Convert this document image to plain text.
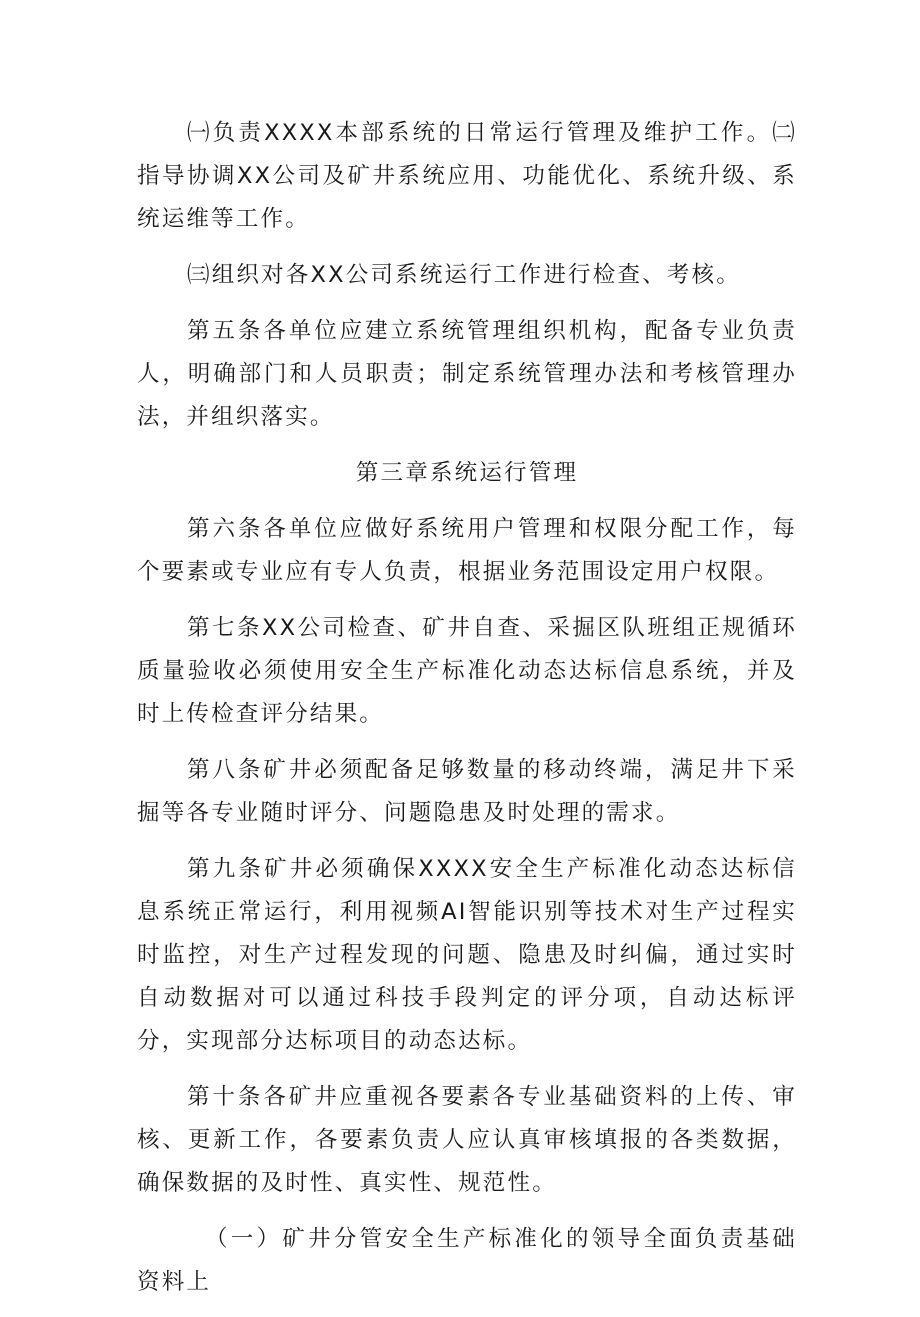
㈠负责XXXX本部系统的日常运行管理及维护工作。㈡指导协调XX公司及矿井系统应用、功能优化、系统升级、系统运维等工作。

㈢组织对各XX公司系统运行工作进行检查、考核。

第五条各单位应建立系统管理组织机构，配备专业负责人，明确部门和人员职责；制定系统管理办法和考核管理办法，并组织落实。

第三章系统运行管理

第六条各单位应做好系统用户管理和权限分配工作，每个要素或专业应有专人负责，根据业务范围设定用户权限。

第七条XX公司检查、矿井自查、采掘区队班组正规循环质量验收必须使用安全生产标准化动态达标信息系统，并及时上传检查评分结果。

第八条矿井必须配备足够数量的移动终端，满足井下采掘等各专业随时评分、问题隐患及时处理的需求。

第九条矿井必须确保XXXX安全生产标准化动态达标信息系统正常运行，利用视频AI智能识别等技术对生产过程实时监控，对生产过程发现的问题、隐患及时纠偏，通过实时自动数据对可以通过科技手段判定的评分项，自动达标评分，实现部分达标项目的动态达标。

第十条各矿井应重视各要素各专业基础资料的上传、审核、更新工作，各要素负责人应认真审核填报的各类数据，确保数据的及时性、真实性、规范性。

（一）矿井分管安全生产标准化的领导全面负责基础资料上
